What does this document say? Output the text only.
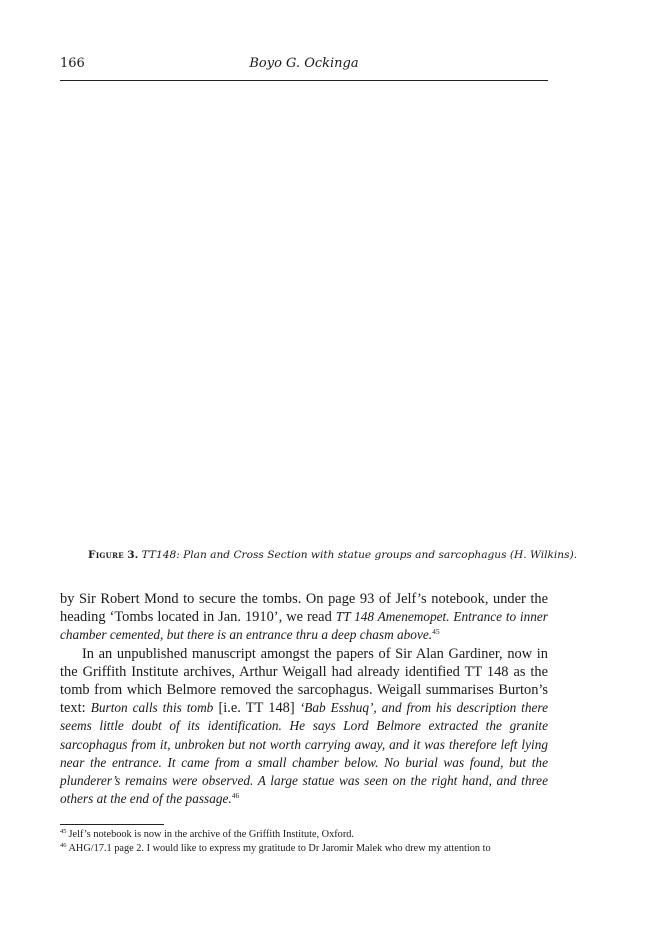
166	Boyo G. Ockinga
Figure 3. TT148: Plan and Cross Section with statue groups and sarcophagus (H. Wilkins).

by Sir Robert Mond to secure the tombs. On page 93 of Jelf’s notebook, under the heading ‘Tombs located in Jan. 1910’, we read TT 148 Amenemopet. Entrance to inner chamber cemented, but there is an entrance thru a deep chasm above.$^{45}$

In an unpublished manuscript amongst the papers of Sir Alan Gardiner, now in the Griffith Institute archives, Arthur Weigall had already identified TT 148 as the tomb from which Belmore removed the sarcophagus. Weigall summarises Burton’s text: Burton calls this tomb [i.e. TT 148] ‘Bab Esshuq’, and from his description there seems little doubt of its identification. He says Lord Belmore extracted the granite sarcophagus from it, unbroken but not worth carrying away, and it was therefore left lying near the entrance. It came from a small chamber below. No burial was found, but the plunderer’s remains were observed. A large statue was seen on the right hand, and three others at the end of the passage.$^{46}$

$^{45}$ Jelf’s notebook is now in the archive of the Griffith Institute, Oxford.
$^{46}$ AHG/17.1 page 2. I would like to express my gratitude to Dr Jaromir Malek who drew my attention to
